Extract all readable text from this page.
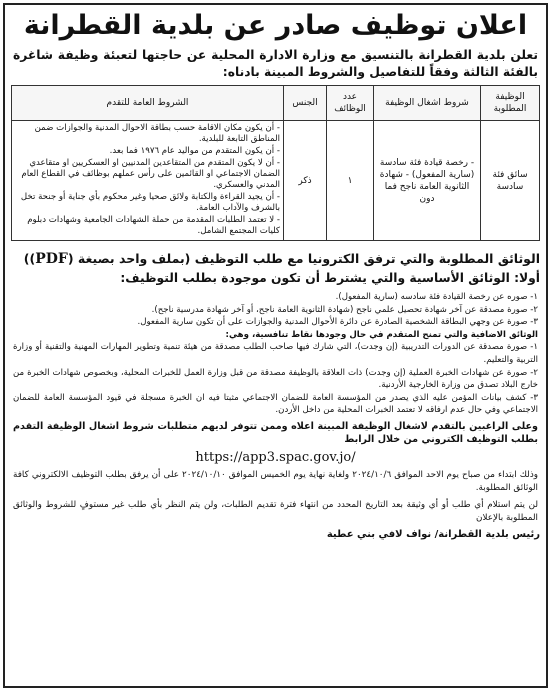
اعلان توظيف صادر عن بلدية القطرانة
تعلن بلدية القطرانة بالتنسيق مع وزارة الادارة المحلية عن حاجتها لتعبئة وظيفة شاغرة بالفئة الثالثة وفقاً للتفاصيل والشروط المبينة بادناه:
الوظيفة المطلوبة	شروط اشغال الوظيفة	عدد الوظائف	الجنس	الشروط العامة للتقدم
سائق فئة سادسة	- رخصة قيادة فئة سادسة (سارية المفعول) - شهادة الثانوية العامة ناجح فما دون	١	ذكر	- أن يكون مكان الاقامة حسب بطاقة الاحوال المدنية والجوازات ضمن المناطق التابعة للبلدية.
- أن يكون المتقدم من مواليد عام ١٩٧٦ فما بعد.
- أن لا يكون المتقدم من المتقاعدين المدنيين او العسكريين او متقاعدي الضمان الاجتماعي او القائمين على رأس عملهم بوظائف في القطاع العام المدني والعسكري.
- أن يجيد القراءة والكتابة ولائق صحيا وغير محكوم بأي جناية أو جنحة تخل بالشرف والآداب العامة.
- لا تعتمد الطلبات المقدمة من حملة الشهادات الجامعية وشهادات دبلوم كليات المجتمع الشامل.
الوثائق المطلوبة والتي ترفق الكترونيا مع طلب التوظيف (بملف واحد بصيغة (PDF))
أولا: الوثائق الأساسية والتي يشترط أن تكون موجودة بطلب التوظيف:
١- صوره عن رخصة القيادة فئة سادسه (سارية المفعول).
٢- صورة مصدقة عن آخر شهادة تحصيل علمي ناجح (شهادة الثانوية العامة ناجح، أو آخر شهادة مدرسية ناجح).
٣- صورة عن وجهي البطاقة الشخصية الصادرة عن دائرة الأحوال المدنية والجوازات على أن تكون سارية المفعول.
الوثائق الاضافية والتي تمنح المتقدم في حال وجودها نقاط تنافسية، وهي:
١- صورة مصدقة عن الدورات التدريبية (إن وجدت)، التي شارك فيها صاحب الطلب مصدقة من هيئة تنمية وتطوير المهارات المهنية والتقنية أو وزارة التربية والتعليم.
٢- صورة عن شهادات الخبرة العملية (إن وجدت) ذات العلاقة بالوظيفة مصدقة من قبل وزارة العمل للخبرات المحلية، وبخصوص شهادات الخبرة من خارج البلاد تصدق من وزارة الخارجية الأردنية.
٣- كشف بيانات المؤمن عليه الذي يصدر من المؤسسة العامة للضمان الاجتماعي مثبتا فيه ان الخبرة مسجلة في قيود المؤسسة العامة للضمان الاجتماعي وفي حال عدم ارفاقه لا تعتمد الخبرات المحلية من داخل الأردن.
وعلى الراغبين بالتقدم لاشغال الوظيفة المبينة اعلاه وممن تتوفر لديهم متطلبات شروط اشغال الوظيفة التقدم بطلب التوظيف الكتروني من خلال الرابط
https://app3.spac.gov.jo/
وذلك ابتداء من صباح يوم الاحد الموافق ٢٠٢٤/١٠/٦ ولغاية نهاية يوم الخميس الموافق ٢٠٢٤/١٠/١٠ على أن يرفق بطلب التوظيف الالكتروني كافة الوثائق المطلوبة.
لن يتم استلام أي طلب أو أي وثيقة بعد التاريخ المحدد من انتهاء فترة تقديم الطلبات، ولن يتم النظر بأي طلب غير مستوفٍ للشروط والوثائق المطلوبة بالإعلان
رئيس بلدية القطرانة/ نواف لافي بني عطية
